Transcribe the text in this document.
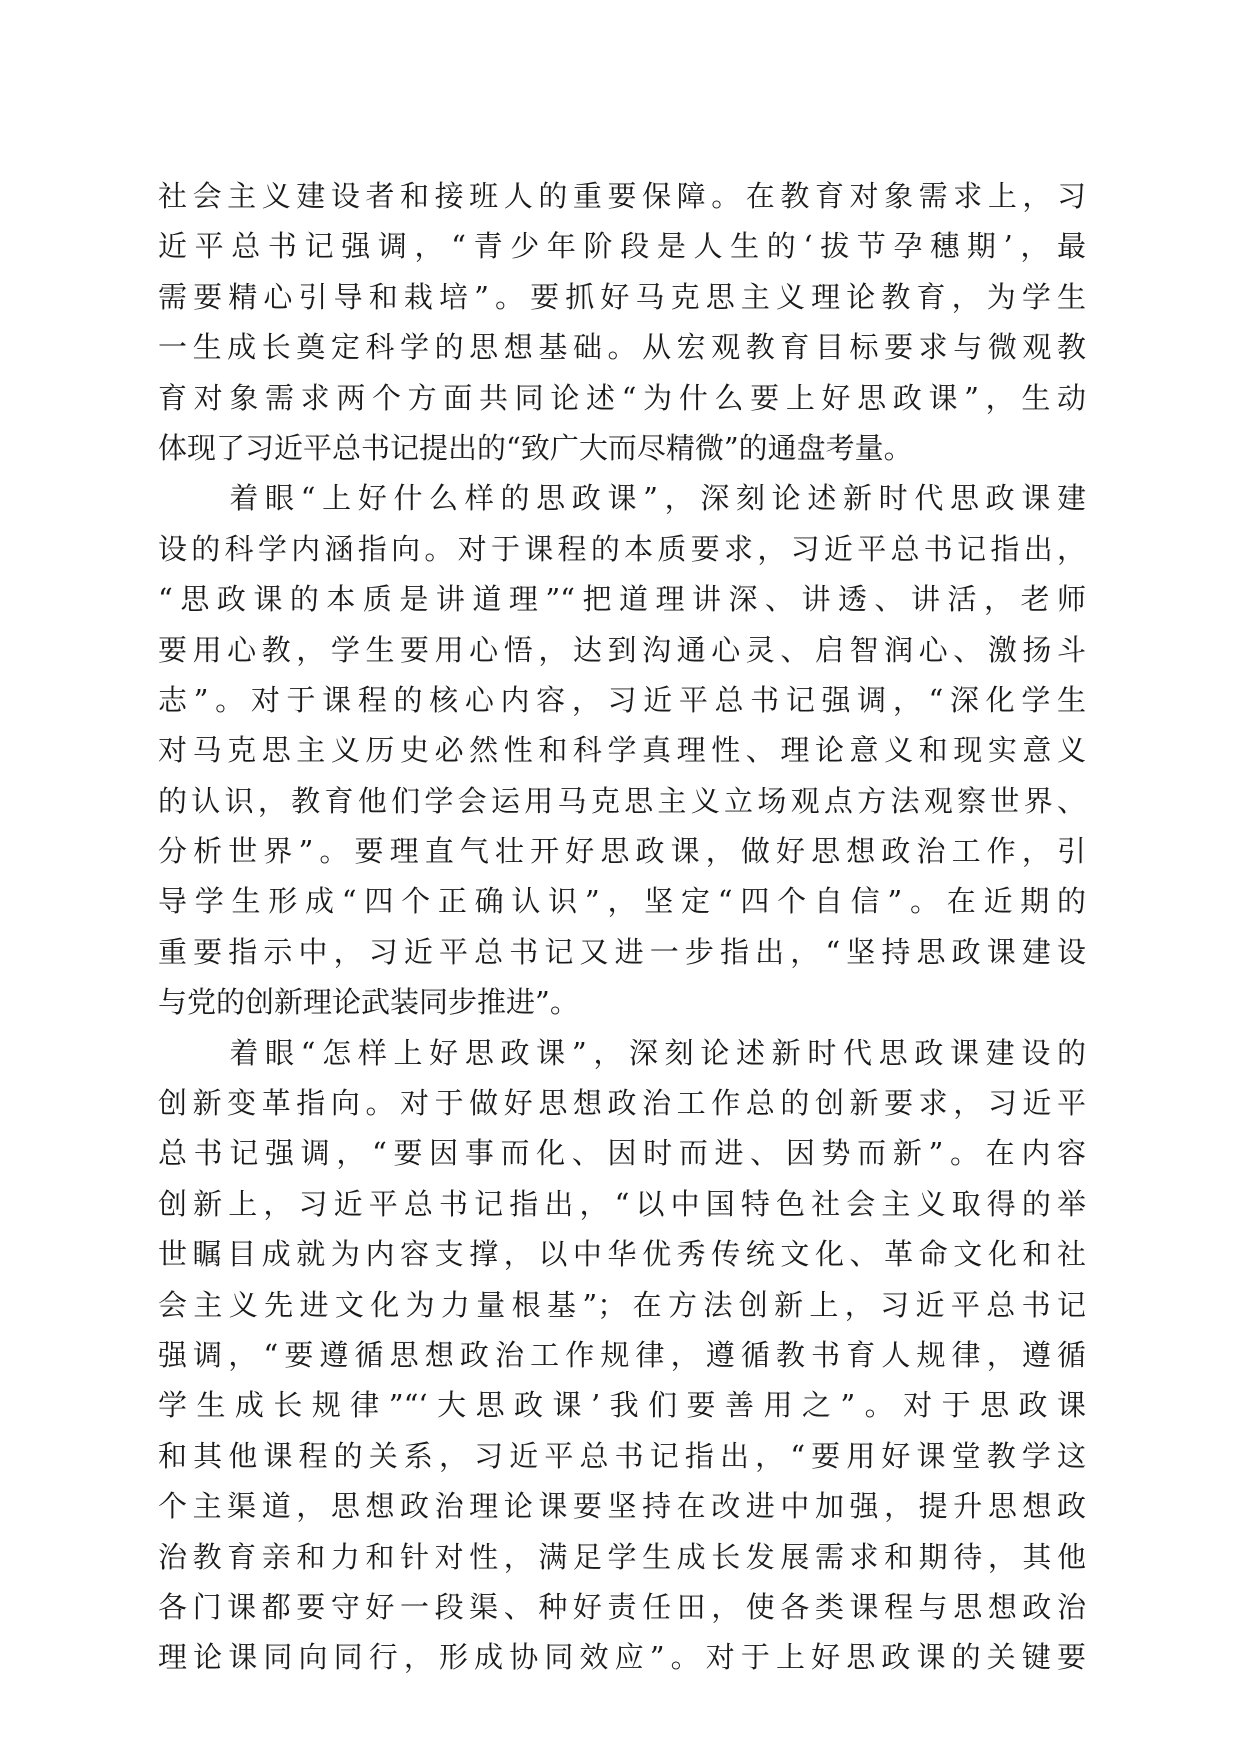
社会主义建设者和接班人的重要保障。在教育对象需求上，习
近平总书记强调，“青少年阶段是人生的‘拔节孕穗期’，最
需要精心引导和栽培”。要抓好马克思主义理论教育，为学生
一生成长奠定科学的思想基础。从宏观教育目标要求与微观教
育对象需求两个方面共同论述“为什么要上好思政课”，生动
体现了习近平总书记提出的“致广大而尽精微”的通盘考量。
　　着眼“上好什么样的思政课”，深刻论述新时代思政课建
设的科学内涵指向。对于课程的本质要求，习近平总书记指出，
“思政课的本质是讲道理”“把道理讲深、讲透、讲活，老师
要用心教，学生要用心悟，达到沟通心灵、启智润心、激扬斗
志”。对于课程的核心内容，习近平总书记强调，“深化学生
对马克思主义历史必然性和科学真理性、理论意义和现实意义
的认识，教育他们学会运用马克思主义立场观点方法观察世界、
分析世界”。要理直气壮开好思政课，做好思想政治工作，引
导学生形成“四个正确认识”，坚定“四个自信”。在近期的
重要指示中，习近平总书记又进一步指出，“坚持思政课建设
与党的创新理论武装同步推进”。
　　着眼“怎样上好思政课”，深刻论述新时代思政课建设的
创新变革指向。对于做好思想政治工作总的创新要求，习近平
总书记强调，“要因事而化、因时而进、因势而新”。在内容
创新上，习近平总书记指出，“以中国特色社会主义取得的举
世瞩目成就为内容支撑，以中华优秀传统文化、革命文化和社
会主义先进文化为力量根基”；在方法创新上，习近平总书记
强调，“要遵循思想政治工作规律，遵循教书育人规律，遵循
学生成长规律”“‘大思政课’我们要善用之”。对于思政课
和其他课程的关系，习近平总书记指出，“要用好课堂教学这
个主渠道，思想政治理论课要坚持在改进中加强，提升思想政
治教育亲和力和针对性，满足学生成长发展需求和期待，其他
各门课都要守好一段渠、种好责任田，使各类课程与思想政治
理论课同向同行，形成协同效应”。对于上好思政课的关键要
